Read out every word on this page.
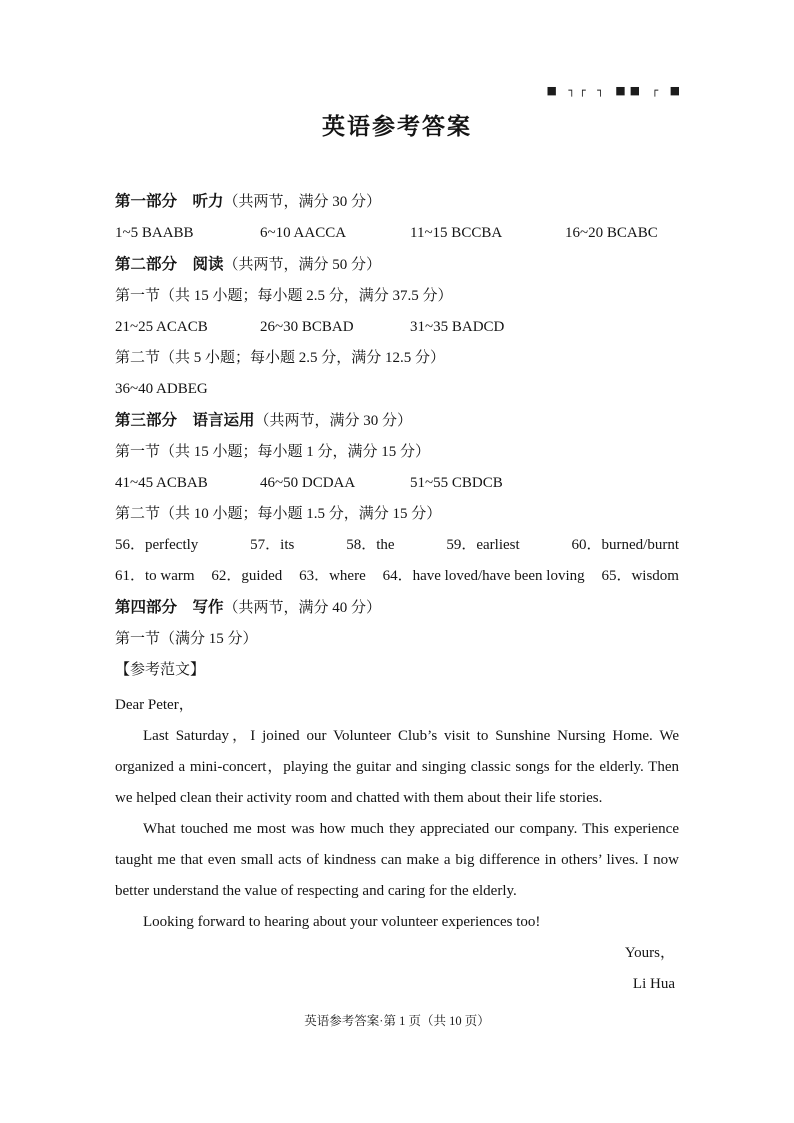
■ ┐┌ ┐ ■■ ┌ ■
英语参考答案
第一部分　听力（共两节，满分 30 分）
1~5 BAABB	6~10 AACCA	11~15 BCCBA	16~20 BCABC
第二部分　阅读（共两节，满分 50 分）
第一节（共 15 小题；每小题 2.5 分，满分 37.5 分）
21~25 ACACB	26~30 BCBAD	31~35 BADCD
第二节（共 5 小题；每小题 2.5 分，满分 12.5 分）
36~40 ADBEG
第三部分　语言运用（共两节，满分 30 分）
第一节（共 15 小题；每小题 1 分，满分 15 分）
41~45 ACBAB	46~50 DCDAA	51~55 CBDCB
第二节（共 10 小题；每小题 1.5 分，满分 15 分）
56．perfectly	57．its	58．the	59．earliest	60．burned/burnt
61．to warm 62．guided 63．where 64．have loved/have been loving 65．wisdom
第四部分　写作（共两节，满分 40 分）
第一节（满分 15 分）
【参考范文】
Dear Peter，

Last Saturday，I joined our Volunteer Club’s visit to Sunshine Nursing Home. We organized a mini-concert，playing the guitar and singing classic songs for the elderly. Then we helped clean their activity room and chatted with them about their life stories.

What touched me most was how much they appreciated our company. This experience taught me that even small acts of kindness can make a big difference in others’ lives. I now better understand the value of respecting and caring for the elderly.

Looking forward to hearing about your volunteer experiences too!

Yours，
Li Hua
英语参考答案·第 1 页（共 10 页）
